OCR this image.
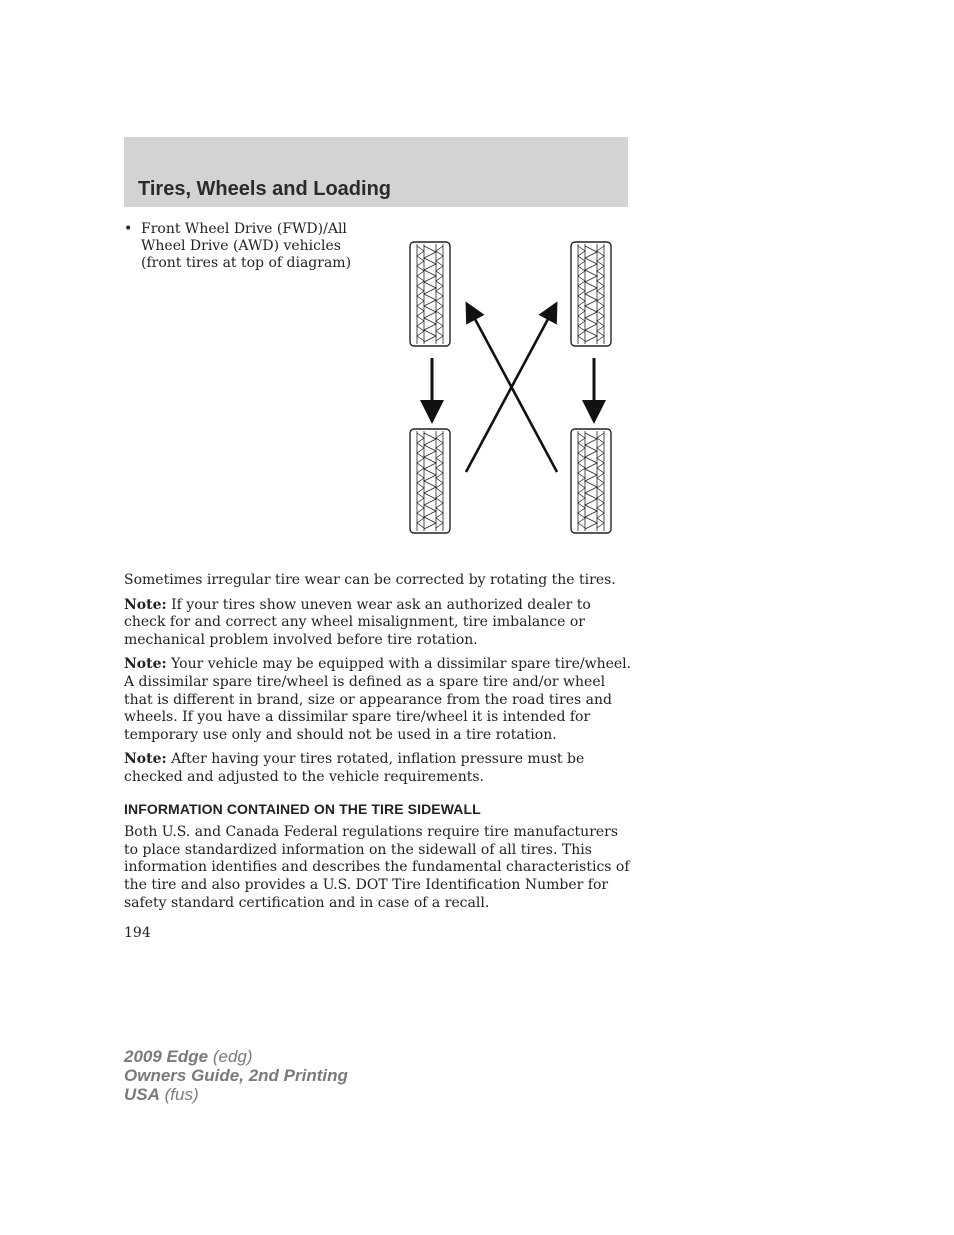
Tires, Wheels and Loading
• Front Wheel Drive (FWD)/All
Wheel Drive (AWD) vehicles
(front tires at top of diagram)

Sometimes irregular tire wear can be corrected by rotating the tires.

Note: If your tires show uneven wear ask an authorized dealer to check for and correct any wheel misalignment, tire imbalance or mechanical problem involved before tire rotation.

Note: Your vehicle may be equipped with a dissimilar spare tire/wheel. A dissimilar spare tire/wheel is defined as a spare tire and/or wheel that is different in brand, size or appearance from the road tires and wheels. If you have a dissimilar spare tire/wheel it is intended for temporary use only and should not be used in a tire rotation.

Note: After having your tires rotated, inflation pressure must be checked and adjusted to the vehicle requirements.

INFORMATION CONTAINED ON THE TIRE SIDEWALL

Both U.S. and Canada Federal regulations require tire manufacturers to place standardized information on the sidewall of all tires. This information identifies and describes the fundamental characteristics of the tire and also provides a U.S. DOT Tire Identification Number for safety standard certification and in case of a recall.

194
2009 Edge (edg)
Owners Guide, 2nd Printing
USA (fus)
